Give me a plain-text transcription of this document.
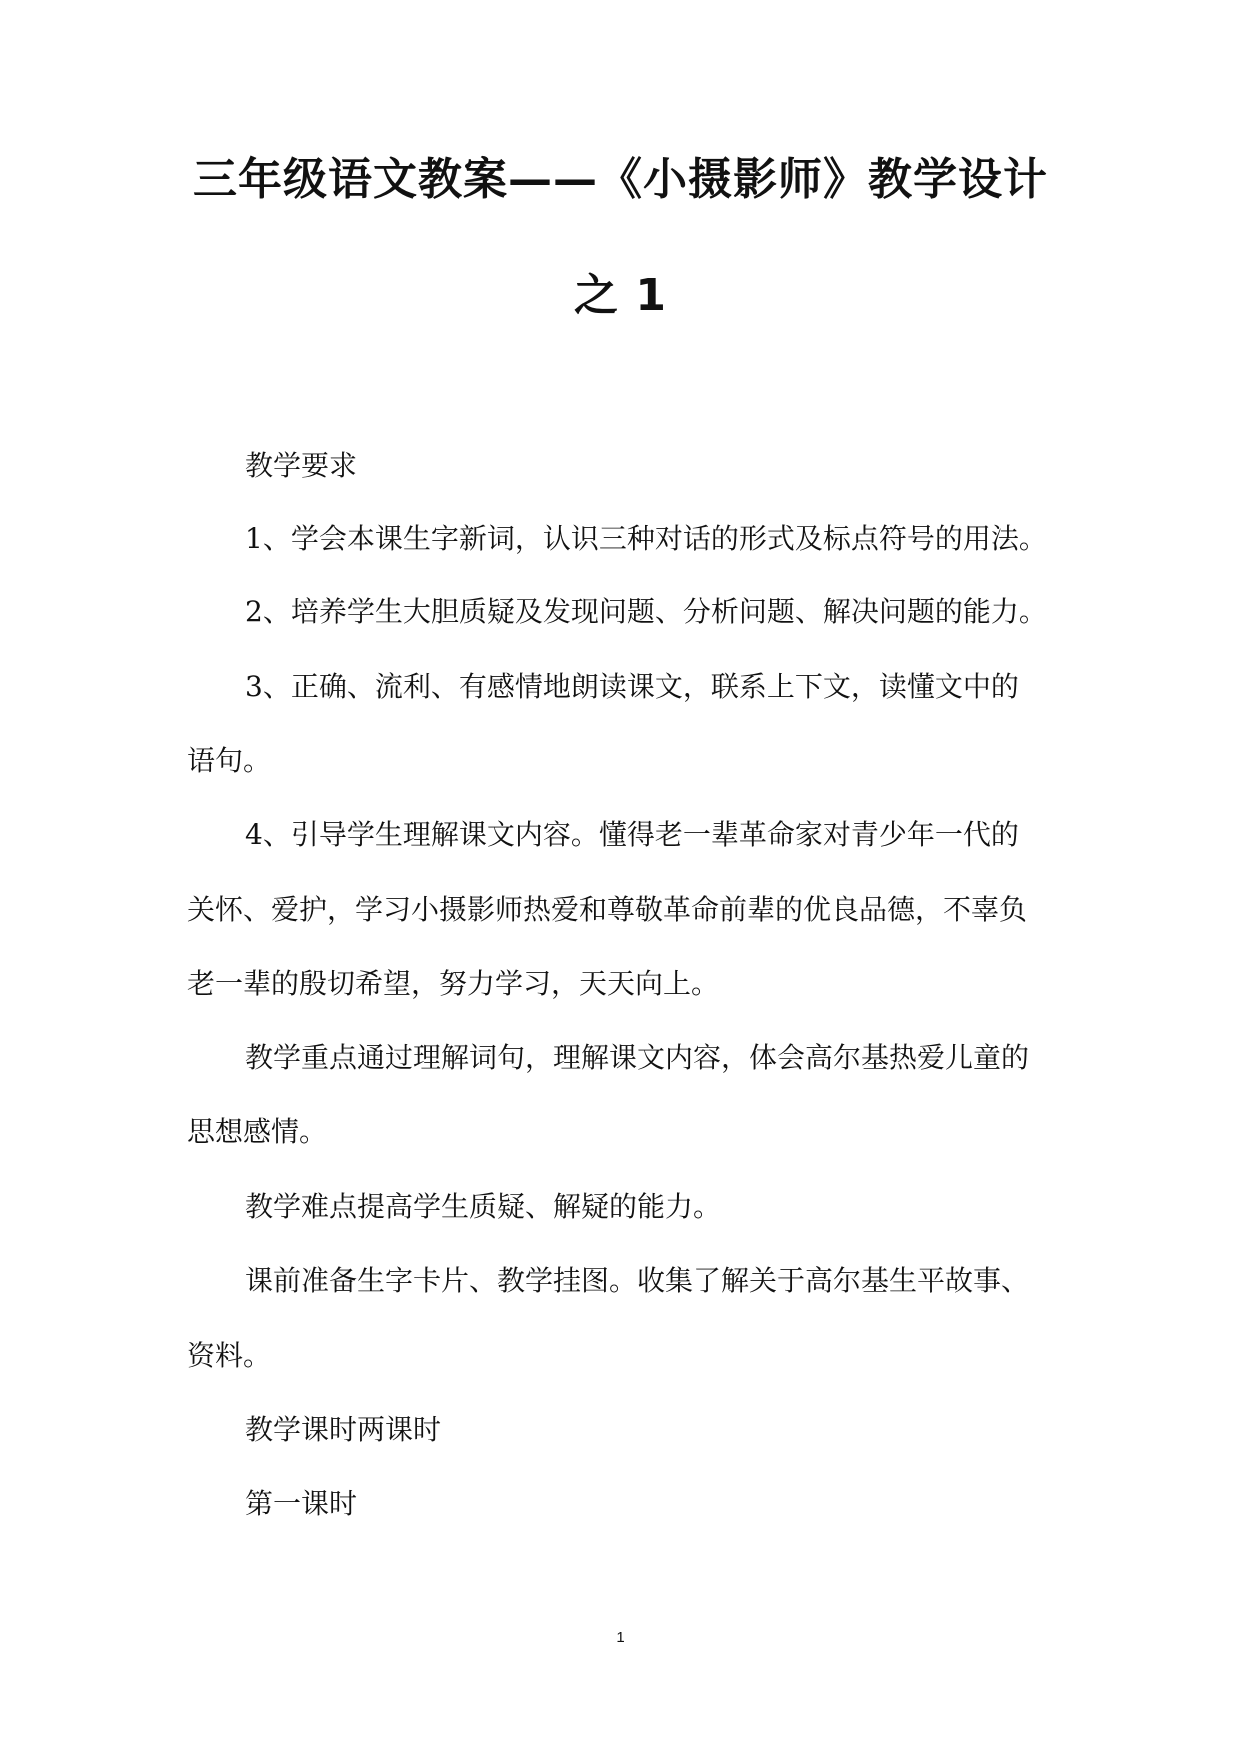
三年级语文教案——《小摄影师》教学设计
之 1

教学要求

1、学会本课生字新词，认识三种对话的形式及标点符号的用法。

2、培养学生大胆质疑及发现问题、分析问题、解决问题的能力。

3、正确、流利、有感情地朗读课文，联系上下文，读懂文中的

语句。

4、引导学生理解课文内容。懂得老一辈革命家对青少年一代的

关怀、爱护，学习小摄影师热爱和尊敬革命前辈的优良品德，不辜负

老一辈的殷切希望，努力学习，天天向上。

教学重点通过理解词句，理解课文内容，体会高尔基热爱儿童的

思想感情。

教学难点提高学生质疑、解疑的能力。

课前准备生字卡片、教学挂图。收集了解关于高尔基生平故事、

资料。

教学课时两课时

第一课时

1
